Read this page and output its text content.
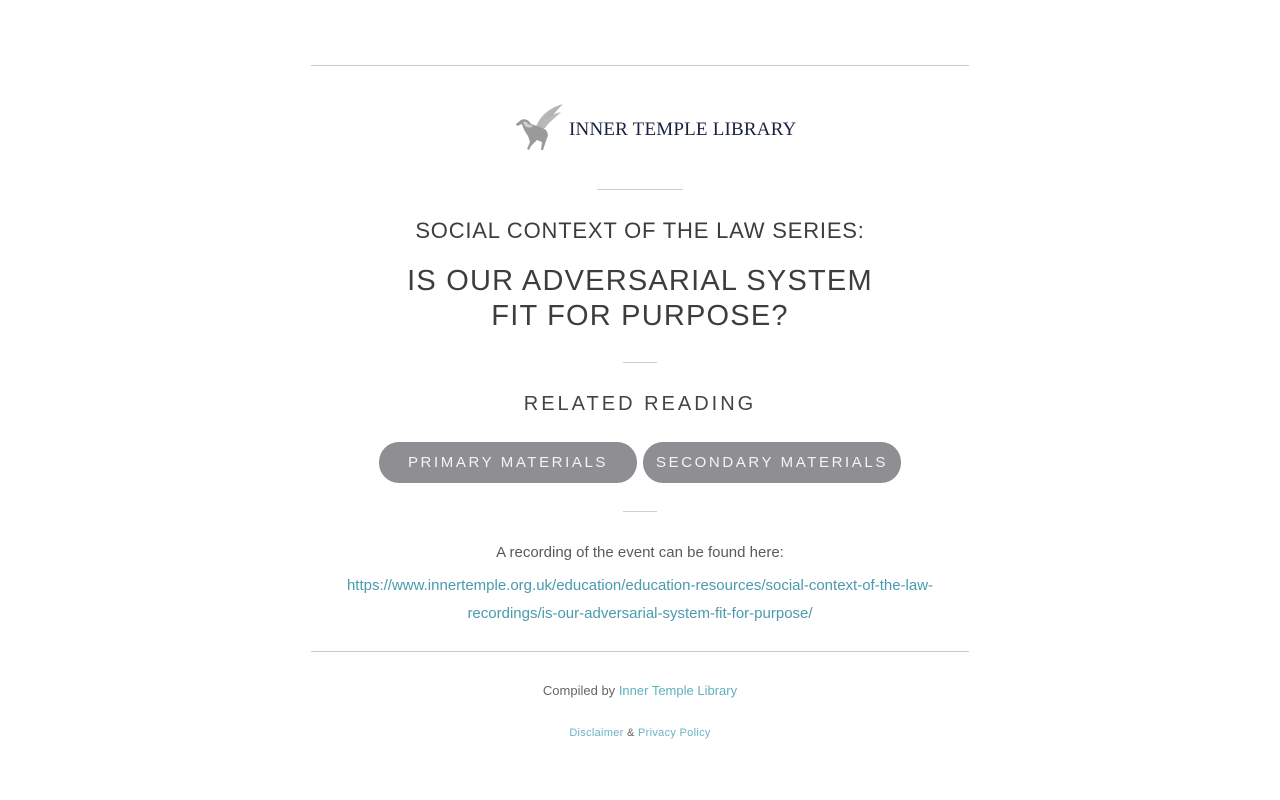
INNER TEMPLE LIBRARY
SOCIAL CONTEXT OF THE LAW SERIES:
IS OUR ADVERSARIAL SYSTEM
FIT FOR PURPOSE?
RELATED READING
PRIMARY MATERIALS	SECONDARY MATERIALS
A recording of the event can be found here:
https://www.innertemple.org.uk/education/education-resources/social-context-of-the-law-recordings/is-our-adversarial-system-fit-for-purpose/
Compiled by Inner Temple Library
Disclaimer & Privacy Policy
